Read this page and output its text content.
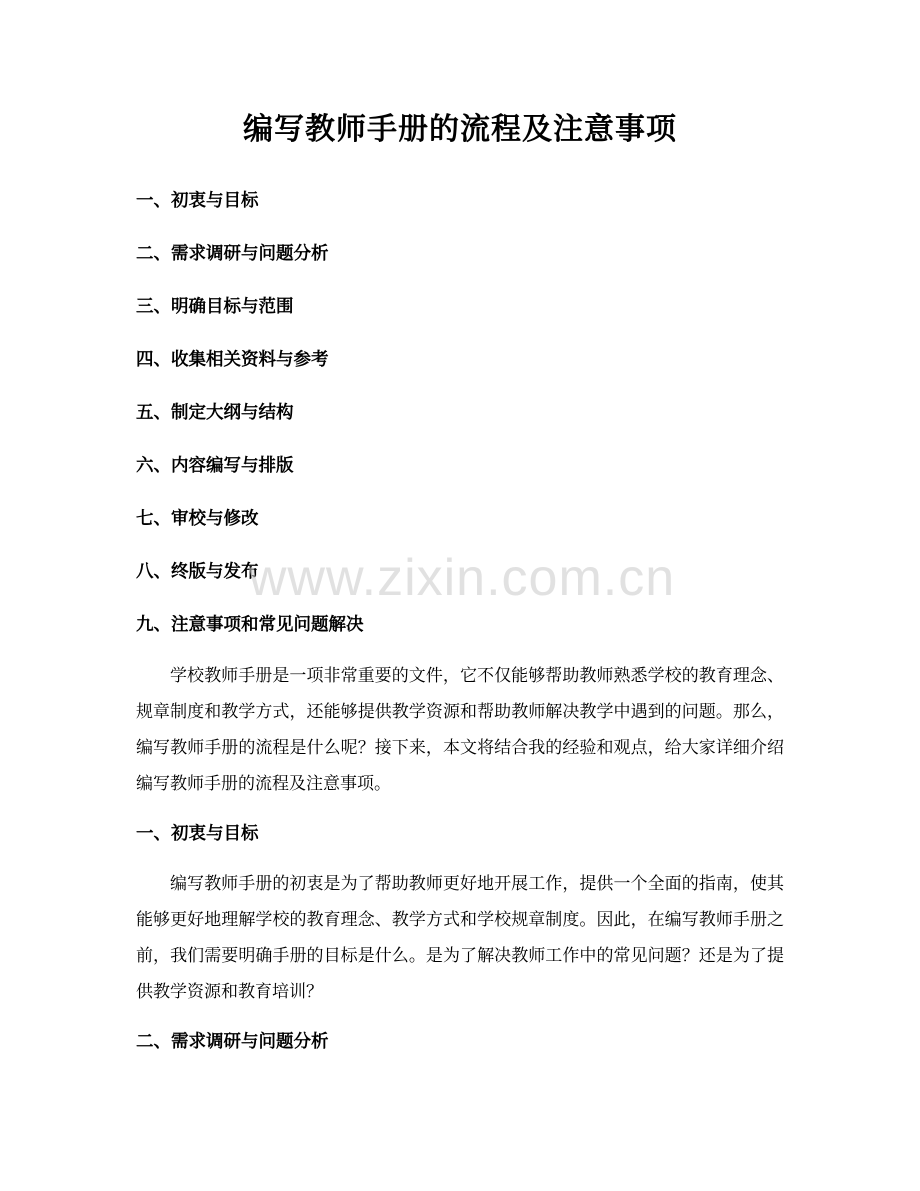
编写教师手册的流程及注意事项
一、初衷与目标
二、需求调研与问题分析
三、明确目标与范围
四、收集相关资料与参考
五、制定大纲与结构
六、内容编写与排版
七、审校与修改
八、终版与发布
九、注意事项和常见问题解决

学校教师手册是一项非常重要的文件，它不仅能够帮助教师熟悉学校的教育理念、规章制度和教学方式，还能够提供教学资源和帮助教师解决教学中遇到的问题。那么，编写教师手册的流程是什么呢？接下来，本文将结合我的经验和观点，给大家详细介绍编写教师手册的流程及注意事项。

一、初衷与目标

编写教师手册的初衷是为了帮助教师更好地开展工作，提供一个全面的指南，使其能够更好地理解学校的教育理念、教学方式和学校规章制度。因此，在编写教师手册之前，我们需要明确手册的目标是什么。是为了解决教师工作中的常见问题？还是为了提供教学资源和教育培训？

二、需求调研与问题分析
www.zixin.com.cn
